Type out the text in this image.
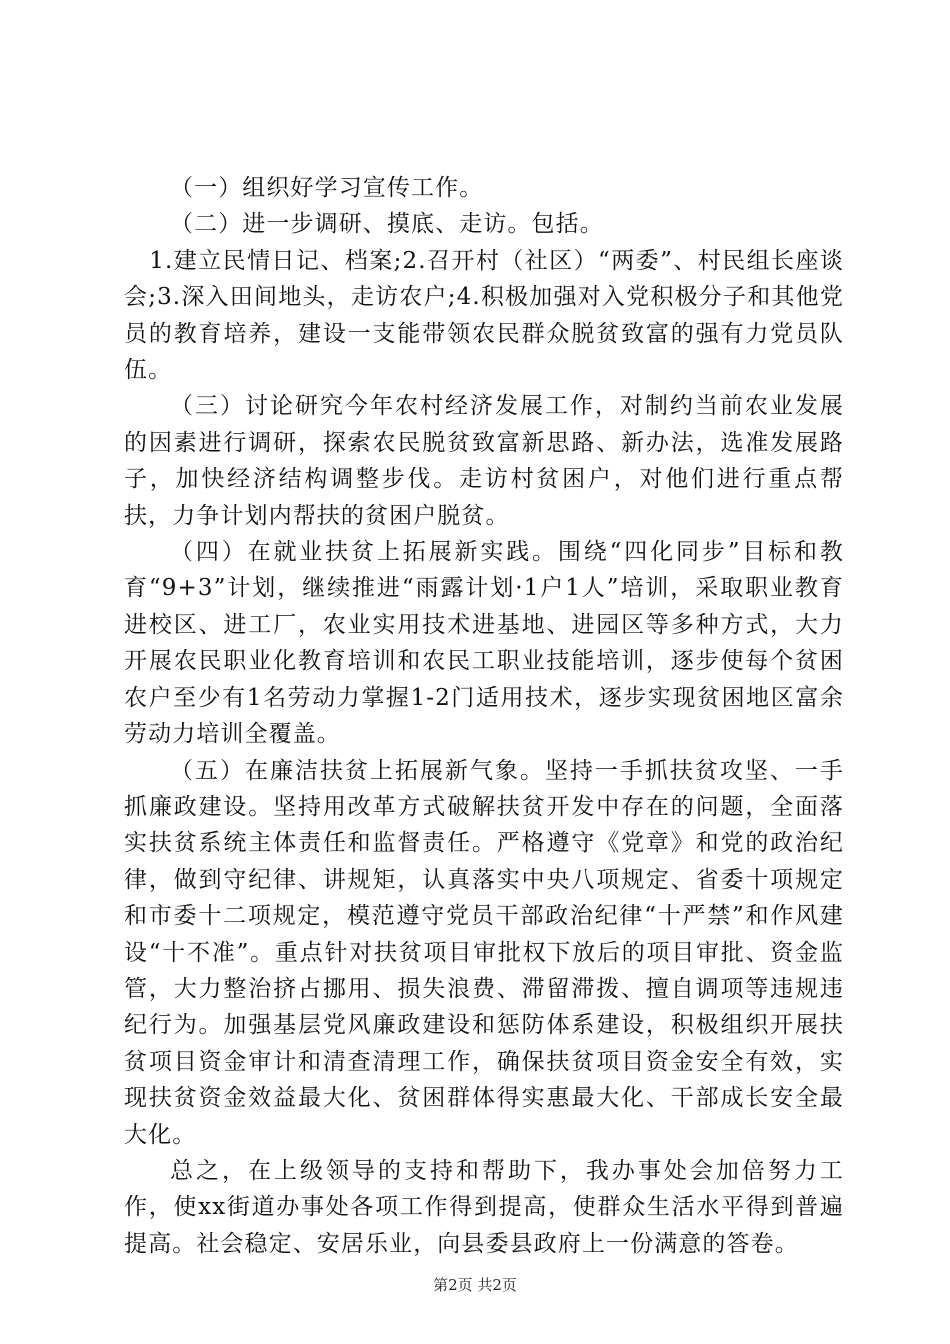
（一）组织好学习宣传工作。

（二）进一步调研、摸底、走访。包括。

1.建立民情日记、档案;2.召开村（社区）“两委”、村民组长座谈会;3.深入田间地头，走访农户;4.积极加强对入党积极分子和其他党员的教育培养，建设一支能带领农民群众脱贫致富的强有力党员队伍。

（三）讨论研究今年农村经济发展工作，对制约当前农业发展的因素进行调研，探索农民脱贫致富新思路、新办法，选准发展路子，加快经济结构调整步伐。走访村贫困户，对他们进行重点帮扶，力争计划内帮扶的贫困户脱贫。

（四）在就业扶贫上拓展新实践。围绕“四化同步”目标和教育“9+3”计划，继续推进“雨露计划·1户1人”培训，采取职业教育进校区、进工厂，农业实用技术进基地、进园区等多种方式，大力开展农民职业化教育培训和农民工职业技能培训，逐步使每个贫困农户至少有1名劳动力掌握1-2门适用技术，逐步实现贫困地区富余劳动力培训全覆盖。

（五）在廉洁扶贫上拓展新气象。坚持一手抓扶贫攻坚、一手抓廉政建设。坚持用改革方式破解扶贫开发中存在的问题，全面落实扶贫系统主体责任和监督责任。严格遵守《党章》和党的政治纪律，做到守纪律、讲规矩，认真落实中央八项规定、省委十项规定和市委十二项规定，模范遵守党员干部政治纪律“十严禁”和作风建设“十不准”。重点针对扶贫项目审批权下放后的项目审批、资金监管，大力整治挤占挪用、损失浪费、滞留滞拨、擅自调项等违规违纪行为。加强基层党风廉政建设和惩防体系建设，积极组织开展扶贫项目资金审计和清查清理工作，确保扶贫项目资金安全有效，实现扶贫资金效益最大化、贫困群体得实惠最大化、干部成长安全最大化。

总之，在上级领导的支持和帮助下，我办事处会加倍努力工作，使xx街道办事处各项工作得到提高，使群众生活水平得到普遍提高。社会稳定、安居乐业，向县委县政府上一份满意的答卷。

第2页 共2页
